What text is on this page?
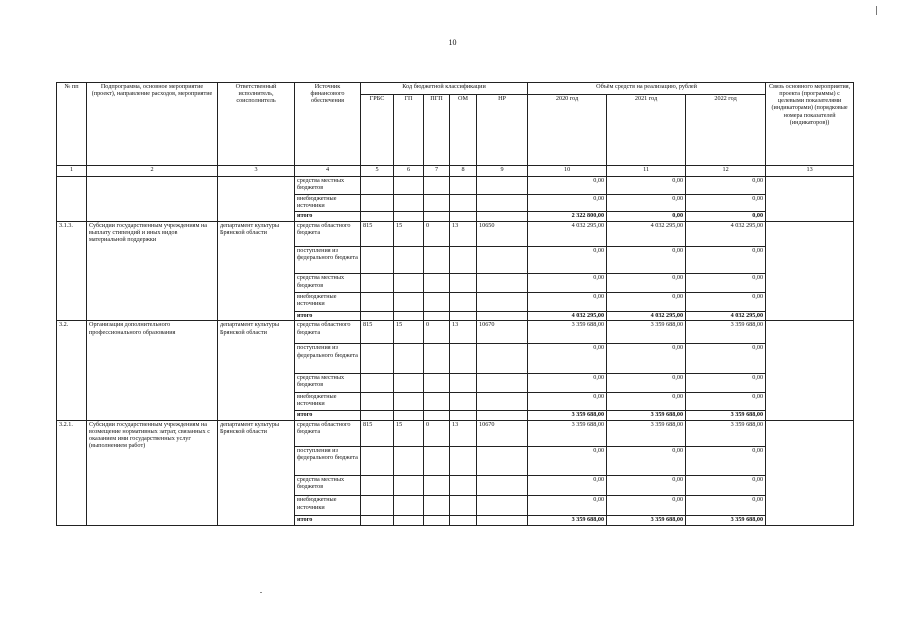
10
№ пп	Подпрограмма, основное мероприятие (проект), направление расходов, мероприятие	Ответственный исполнитель, соисполнитель	Источник финансового обеспечения	Код бюджетной классификации					Объём средств на реализацию, рублей			Связь основного мероприятия, проекта (программы) с целевыми показателями (индикаторами) (порядковые номера показателей (индикаторов))
				ГРБС	ГП	ПГП	ОМ	НР	2020 год	2021 год	2022 год	
1	2	3	4	5	6	7	8	9	10	11	12	13
			средства местных бюджетов						0,00	0,00	0,00	
			внебюджетные источники						0,00	0,00	0,00	
			итого						2 322 800,00	0,00	0,00	
3.1.3.	Субсидии государственным учреждениям на выплату стипендий и иных видов материальной поддержки	департамент культуры Брянской области	средства областного бюджета	815	15	0	13	10650	4 032 295,00	4 032 295,00	4 032 295,00	
			поступления из федерального бюджета						0,00	0,00	0,00	
			средства местных бюджетов						0,00	0,00	0,00	
			внебюджетные источники						0,00	0,00	0,00	
			итого						4 032 295,00	4 032 295,00	4 032 295,00	
3.2.	Организация дополнительного профессионального образования	департамент культуры Брянской области	средства областного бюджета	815	15	0	13	10670	3 359 688,00	3 359 688,00	3 359 688,00	
			поступления из федерального бюджета						0,00	0,00	0,00	
			средства местных бюджетов						0,00	0,00	0,00	
			внебюджетные источники						0,00	0,00	0,00	
			итого						3 359 688,00	3 359 688,00	3 359 688,00	
3.2.1.	Субсидии государственным учреждениям на возмещение нормативных затрат, связанных с оказанием ими государственных услуг (выполнением работ)	департамент культуры Брянской области	средства областного бюджета	815	15	0	13	10670	3 359 688,00	3 359 688,00	3 359 688,00	
			поступления из федерального бюджета						0,00	0,00	0,00	
			средства местных бюджетов						0,00	0,00	0,00	
			внебюджетные источники						0,00	0,00	0,00	
			итого						3 359 688,00	3 359 688,00	3 359 688,00	
